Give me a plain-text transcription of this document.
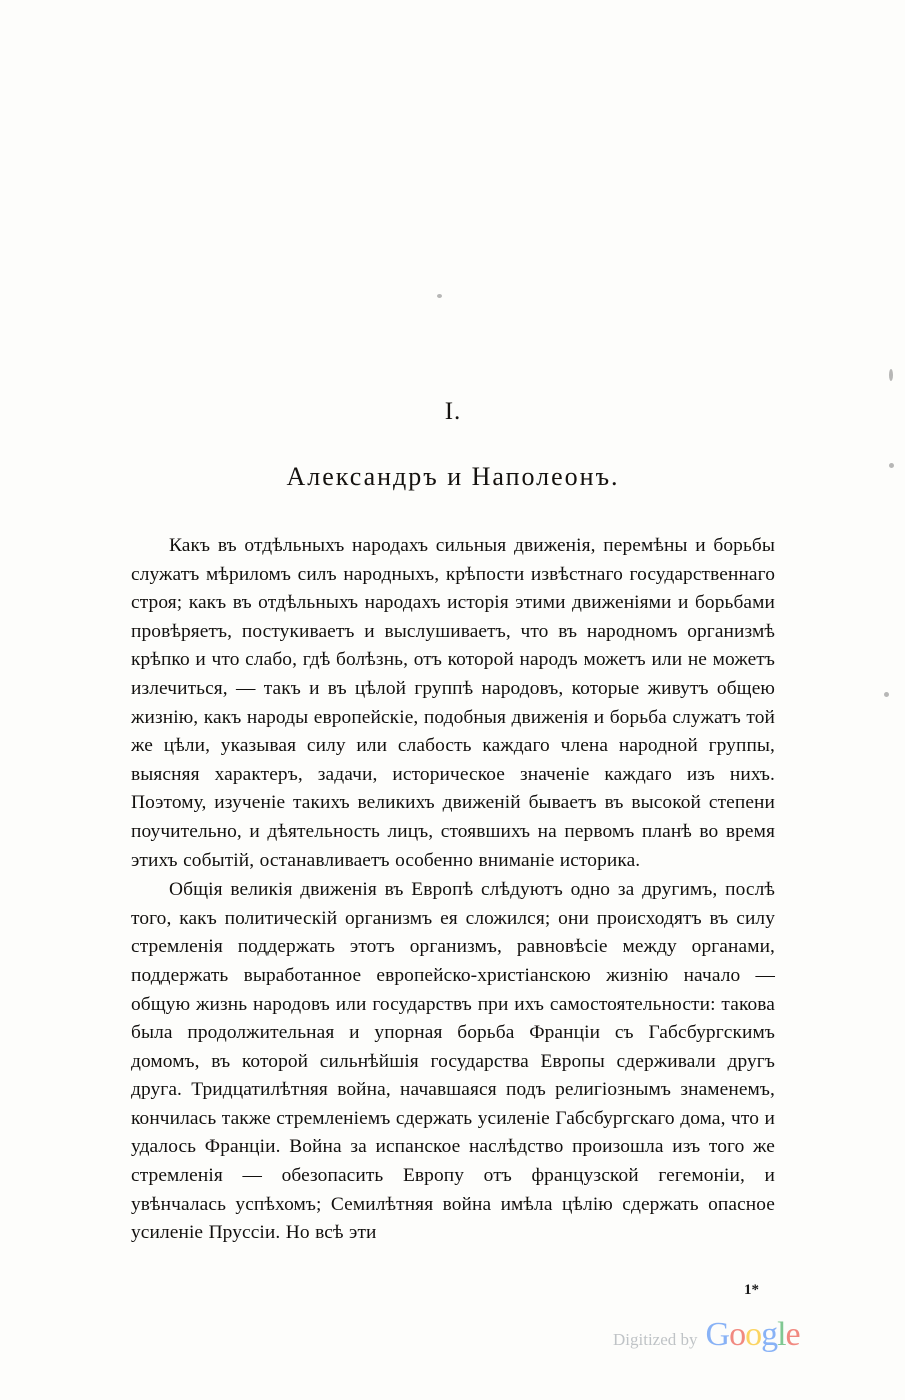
I.
Александръ и Наполеонъ.

Какъ въ отдѣльныхъ народахъ сильныя движенія, перемѣны и борьбы служатъ мѣриломъ силъ народныхъ, крѣпости извѣстнаго государственнаго строя; какъ въ отдѣльныхъ народахъ исторія этими движеніями и борьбами провѣряетъ, постукиваетъ и выслушиваетъ, что въ народномъ организмѣ крѣпко и что слабо, гдѣ болѣзнь, отъ которой народъ можетъ или не можетъ излечиться, — такъ и въ цѣлой группѣ народовъ, которые живутъ общею жизнію, какъ народы европейскіе, подобныя движенія и борьба служатъ той же цѣли, указывая силу или слабость каждаго члена народной группы, выясняя характеръ, задачи, историческое значеніе каждаго изъ нихъ. Поэтому, изученіе такихъ великихъ движеній бываетъ въ высокой степени поучительно, и дѣятельность лицъ, стоявшихъ на первомъ планѣ во время этихъ событій, останавливаетъ особенно вниманіе историка.

Общія великія движенія въ Европѣ слѣдуютъ одно за другимъ, послѣ того, какъ политическій организмъ ея сложился; они происходятъ въ силу стремленія поддержать этотъ организмъ, равновѣсіе между органами, поддержать выработанное европейско-христіанскою жизнію начало — общую жизнь народовъ или государствъ при ихъ самостоятельности: такова была продолжительная и упорная борьба Франціи съ Габсбургскимъ домомъ, въ которой сильнѣйшія государства Европы сдерживали другъ друга. Тридцатилѣтняя война, начавшаяся подъ религіознымъ знаменемъ, кончилась также стремленіемъ сдержать усиленіе Габсбургскаго дома, что и удалось Франціи. Война за испанское наслѣдство произошла изъ того же стремленія — обезопасить Европу отъ французской гегемоніи, и увѣнчалась успѣхомъ; Семилѣтняя война имѣла цѣлію сдержать опасное усиленіе Пруссіи. Но всѣ эти

1*
Digitized by Google
